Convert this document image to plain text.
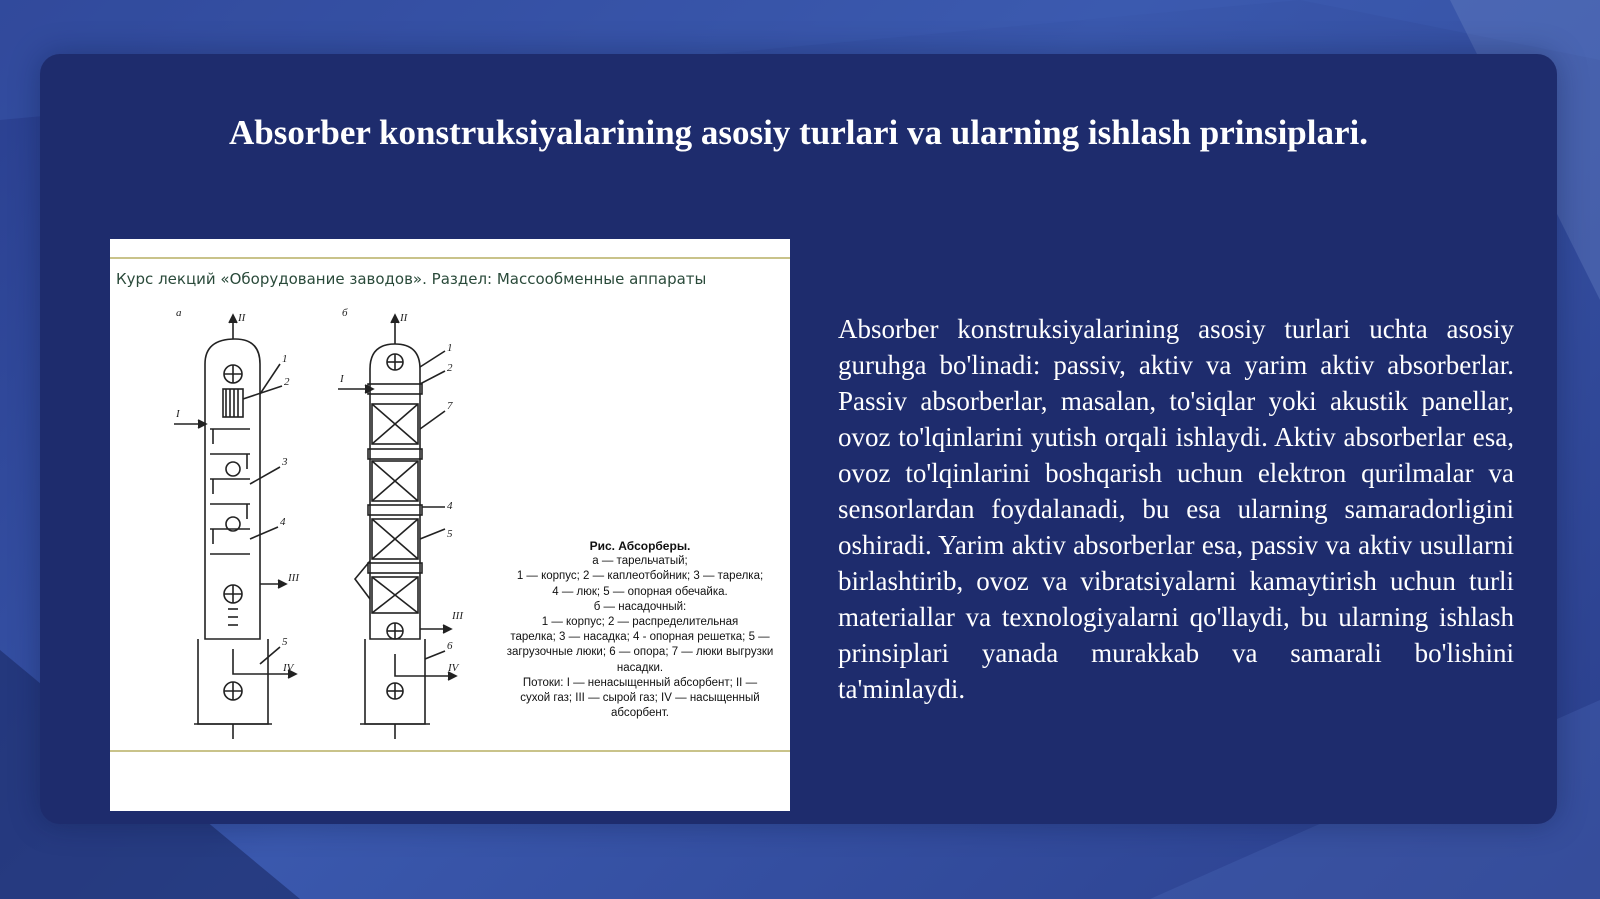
Absorber konstruksiyalarining asosiy turlari va ularning ishlash prinsiplari.
Курс лекций «Оборудование заводов». Раздел: Массообменные аппараты
а	II
I
III
IV
1
2
3
4
5
б	II
I
III
IV
1
2
7
4
5
6
Рис. Абсорберы.
а — тарельчатый;
1 — корпус; 2 — каплеотбойник; 3 — тарелка;
4 — люк; 5 — опорная обечайка.
б — насадочный:
1 — корпус; 2 — распределительная
тарелка; 3 — насадка; 4 - опорная решетка; 5 —
загрузочные люки; 6 — опора; 7 — люки выгрузки
насадки.
Потоки: I — ненасыщенный абсорбент; II —
сухой газ; III — сырой газ; IV — насыщенный
абсорбент.
Absorber konstruksiyalarining asosiy turlari uchta asosiy guruhga bo'linadi: passiv, aktiv va yarim aktiv absorberlar. Passiv absorberlar, masalan, to'siqlar yoki akustik panellar, ovoz to'lqinlarini yutish orqali ishlaydi. Aktiv absorberlar esa, ovoz to'lqinlarini boshqarish uchun elektron qurilmalar va sensorlardan foydalanadi, bu esa ularning samaradorligini oshiradi. Yarim aktiv absorberlar esa, passiv va aktiv usullarni birlashtirib, ovoz va vibratsiyalarni kamaytirish uchun turli materiallar va texnologiyalarni qo'llaydi, bu ularning ishlash prinsiplari yanada murakkab va samarali bo'lishini ta'minlaydi.
